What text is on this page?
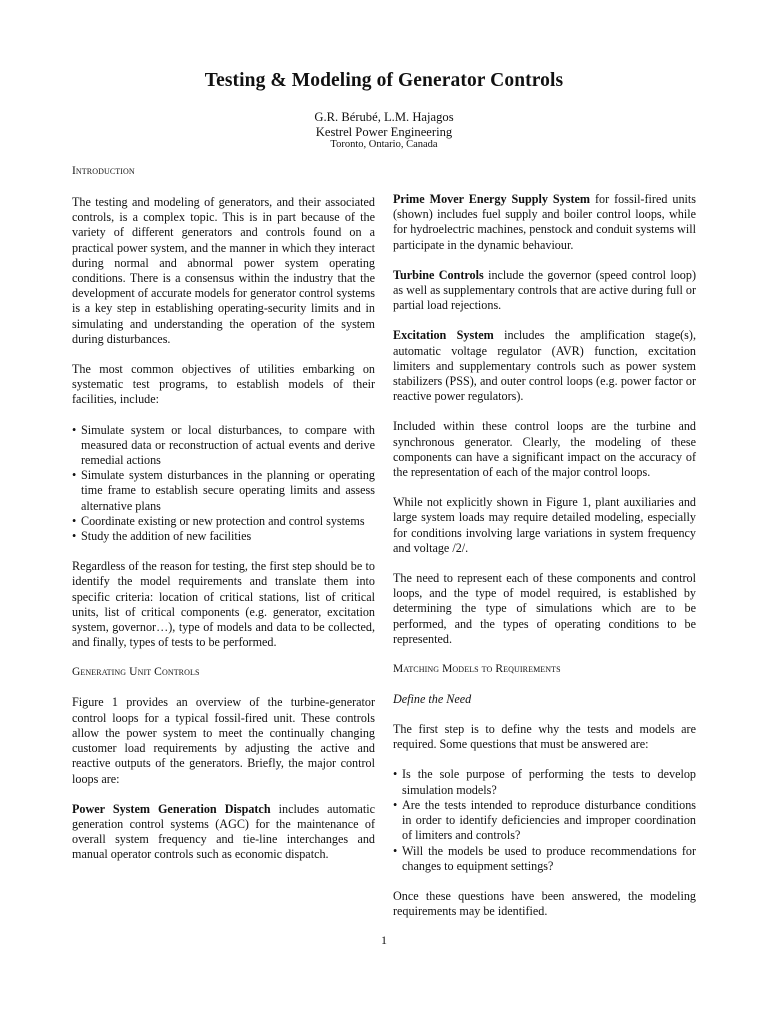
Testing & Modeling of Generator Controls
G.R. Bérubé, L.M. Hajagos
Kestrel Power Engineering
Toronto, Ontario, Canada
Introduction

The testing and modeling of generators, and their associated controls, is a complex topic. This is in part because of the variety of different generators and controls found on a practical power system, and the manner in which they interact during normal and abnormal power system operating conditions. There is a consensus within the industry that the development of accurate models for generator control systems is a key step in establishing operating-security limits and in simulating and understanding the operation of the system during disturbances.

The most common objectives of utilities embarking on systematic test programs, to establish models of their facilities, include:

• Simulate system or local disturbances, to compare with measured data or reconstruction of actual events and derive remedial actions
• Simulate system disturbances in the planning or operating time frame to establish secure operating limits and assess alternative plans
• Coordinate existing or new protection and control systems
• Study the addition of new facilities

Regardless of the reason for testing, the first step should be to identify the model requirements and translate them into specific criteria: location of critical stations, list of critical units, list of critical components (e.g. generator, excitation system, governor…), type of models and data to be collected, and finally, types of tests to be performed.

Generating Unit Controls

Figure 1 provides an overview of the turbine-generator control loops for a typical fossil-fired unit. These controls allow the power system to meet the continually changing customer load requirements by adjusting the active and reactive outputs of the generators. Briefly, the major control loops are:

Power System Generation Dispatch includes automatic generation control systems (AGC) for the maintenance of overall system frequency and tie-line interchanges and manual operator controls such as economic dispatch.

Prime Mover Energy Supply System for fossil-fired units (shown) includes fuel supply and boiler control loops, while for hydroelectric machines, penstock and conduit systems will participate in the dynamic behaviour.

Turbine Controls include the governor (speed control loop) as well as supplementary controls that are active during full or partial load rejections.

Excitation System includes the amplification stage(s), automatic voltage regulator (AVR) function, excitation limiters and supplementary controls such as power system stabilizers (PSS), and outer control loops (e.g. power factor or reactive power regulators).

Included within these control loops are the turbine and synchronous generator. Clearly, the modeling of these components can have a significant impact on the accuracy of the representation of each of the major control loops.

While not explicitly shown in Figure 1, plant auxiliaries and large system loads may require detailed modeling, especially for conditions involving large variations in system frequency and voltage /2/.

The need to represent each of these components and control loops, and the type of model required, is established by determining the type of simulations which are to be performed, and the types of operating conditions to be represented.

Matching Models to Requirements
Define the Need

The first step is to define why the tests and models are required. Some questions that must be answered are:

• Is the sole purpose of performing the tests to develop simulation models?
• Are the tests intended to reproduce disturbance conditions in order to identify deficiencies and improper coordination of limiters and controls?
• Will the models be used to produce recommendations for changes to equipment settings?

Once these questions have been answered, the modeling requirements may be identified.

1
